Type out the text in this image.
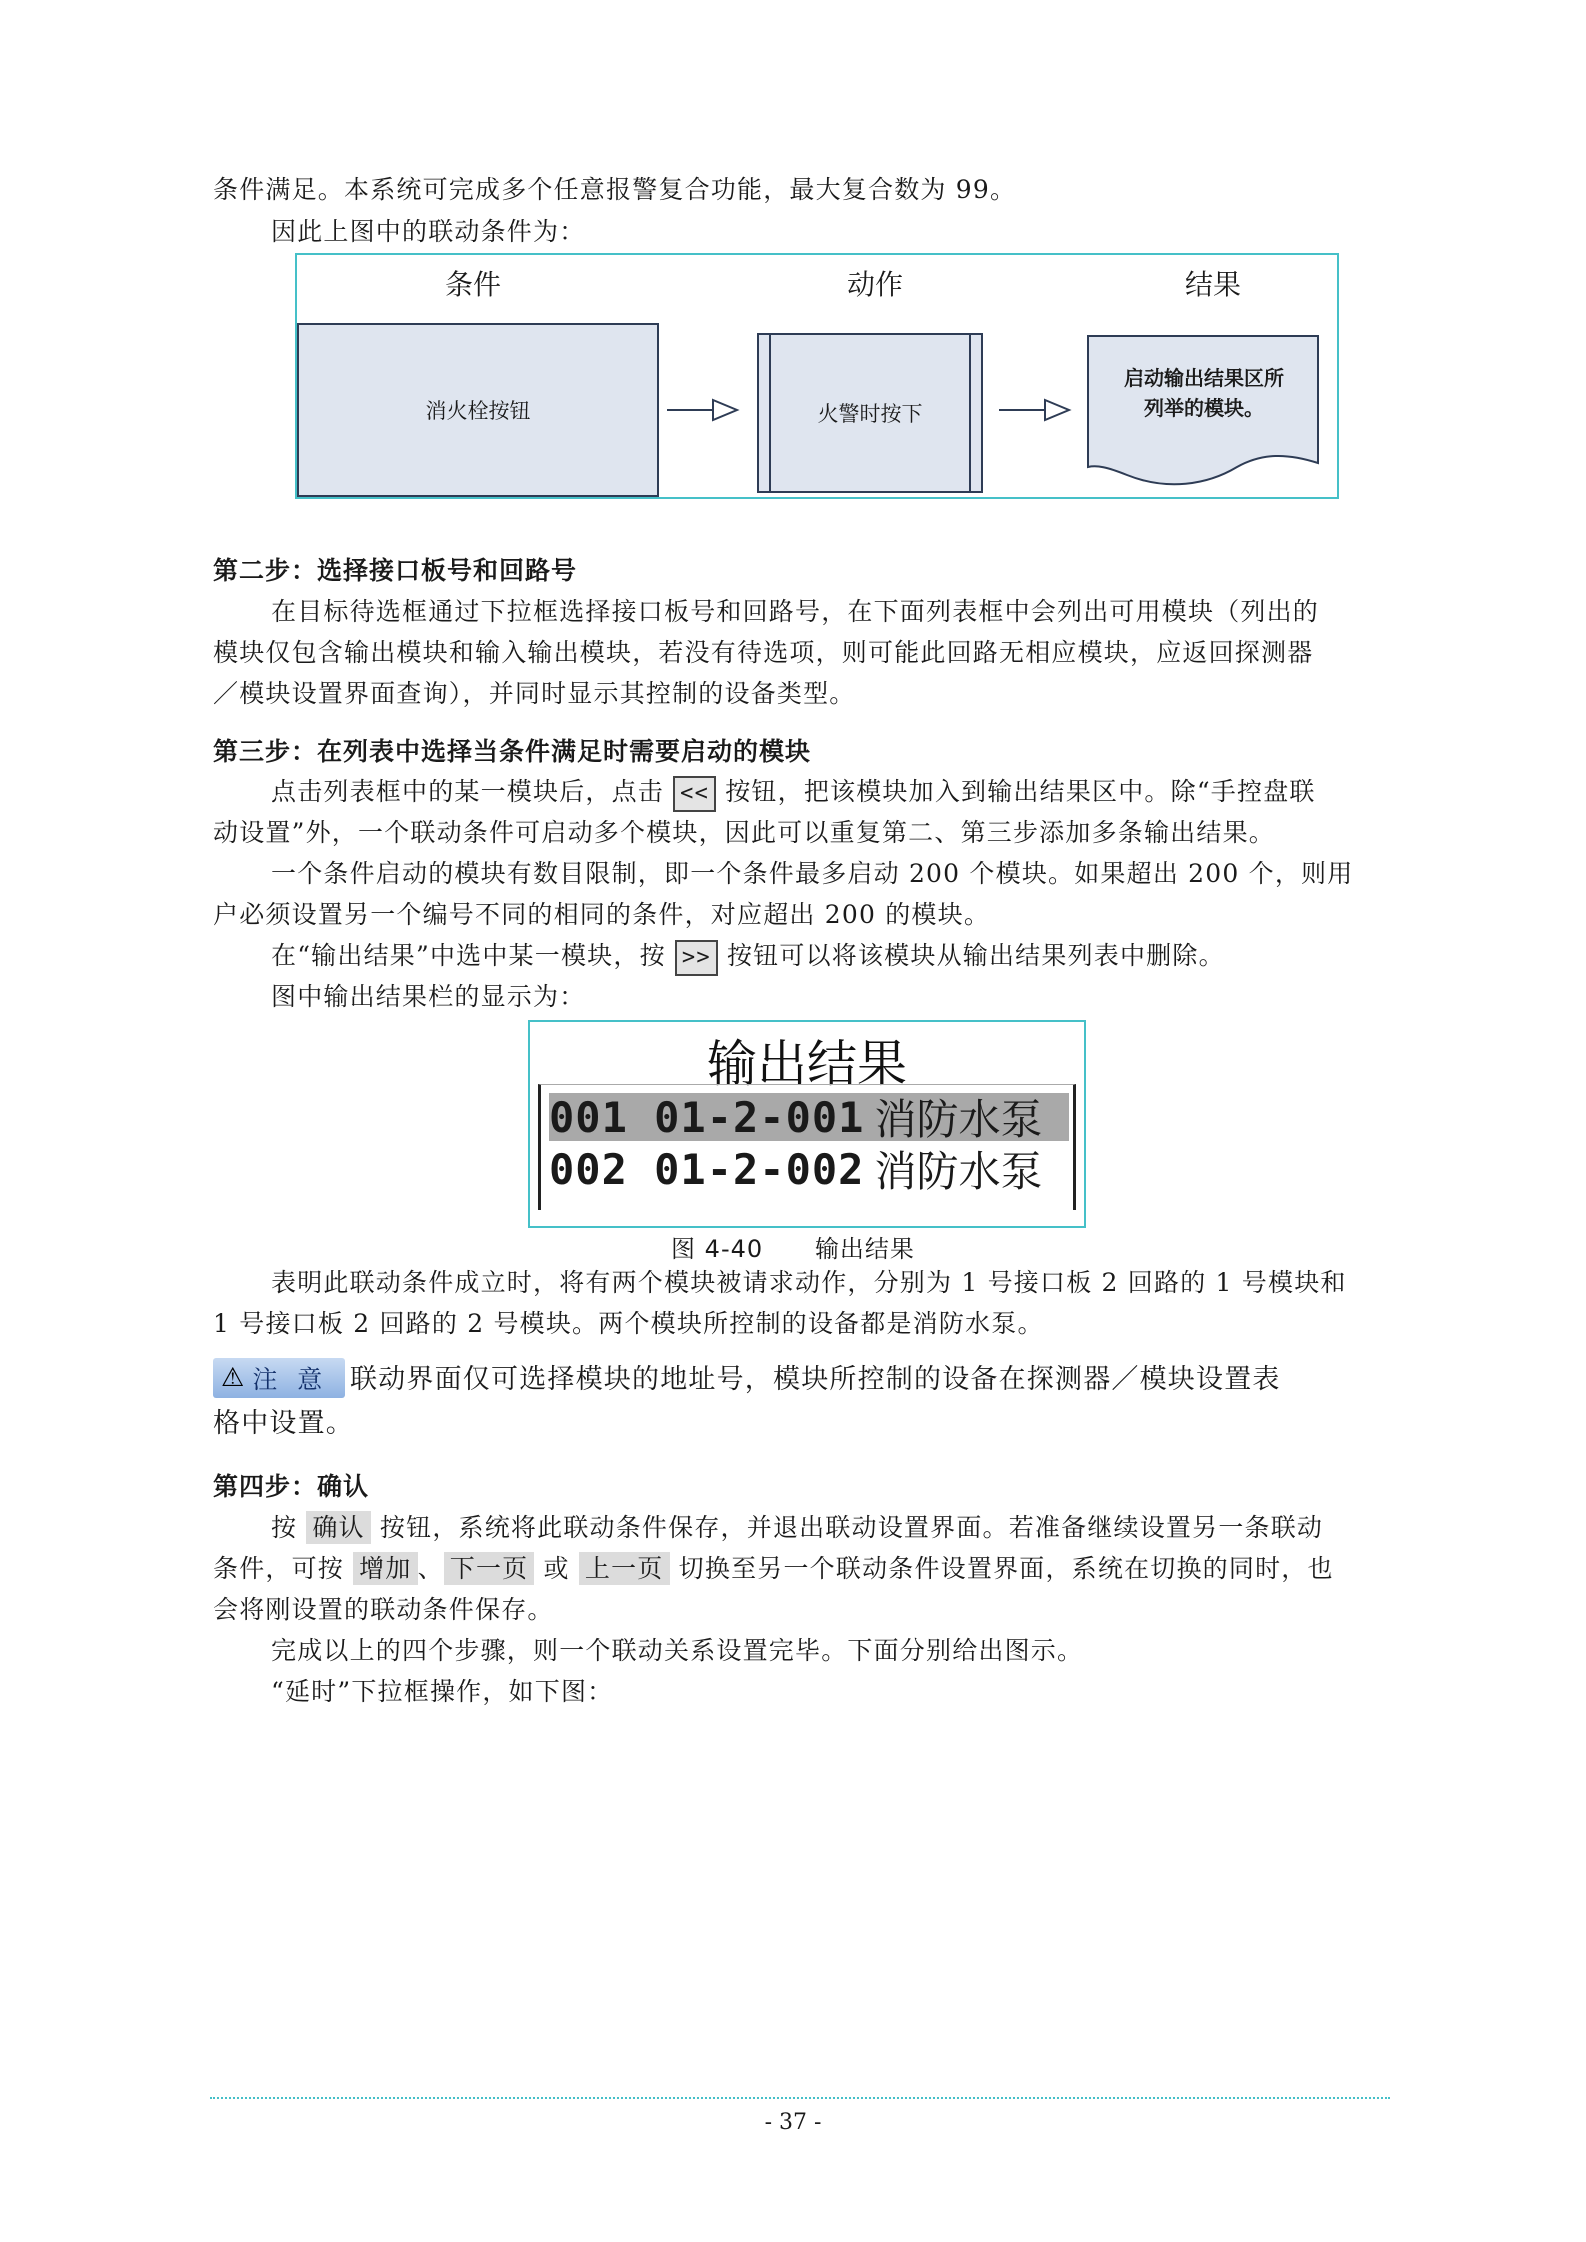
条件满足。本系统可完成多个任意报警复合功能，最大复合数为 99。

因此上图中的联动条件为：

条件	动作	结果
消火栓按钮	火警时按下
启动输出结果区所
列举的模块。

第二步：选择接口板号和回路号

在目标待选框通过下拉框选择接口板号和回路号，在下面列表框中会列出可用模块（列出的

模块仅包含输出模块和输入输出模块，若没有待选项，则可能此回路无相应模块，应返回探测器

／模块设置界面查询），并同时显示其控制的设备类型。

第三步：在列表中选择当条件满足时需要启动的模块

点击列表框中的某一模块后，点击 << 按钮，把该模块加入到输出结果区中。除“手控盘联

动设置”外，一个联动条件可启动多个模块，因此可以重复第二、第三步添加多条输出结果。

一个条件启动的模块有数目限制，即一个条件最多启动 200 个模块。如果超出 200 个，则用

户必须设置另一个编号不同的相同的条件，对应超出 200 的模块。

在“输出结果”中选中某一模块，按 >> 按钮可以将该模块从输出结果列表中删除。

图中输出结果栏的显示为：

输出结果
001 01-2-001 消防水泵
002 01-2-002 消防水泵
图 4-40 输出结果

表明此联动条件成立时，将有两个模块被请求动作，分别为 1 号接口板 2 回路的 1 号模块和

1 号接口板 2 回路的 2 号模块。两个模块所控制的设备都是消防水泵。

⚠ 注 意 联动界面仅可选择模块的地址号，模块所控制的设备在探测器／模块设置表

格中设置。

第四步：确认

按 确认 按钮，系统将此联动条件保存，并退出联动设置界面。若准备继续设置另一条联动

条件，可按 增加 、 下一页 或 上一页 切换至另一个联动条件设置界面，系统在切换的同时，也

会将刚设置的联动条件保存。

完成以上的四个步骤，则一个联动关系设置完毕。下面分别给出图示。

“延时”下拉框操作，如下图：

- 37 -
